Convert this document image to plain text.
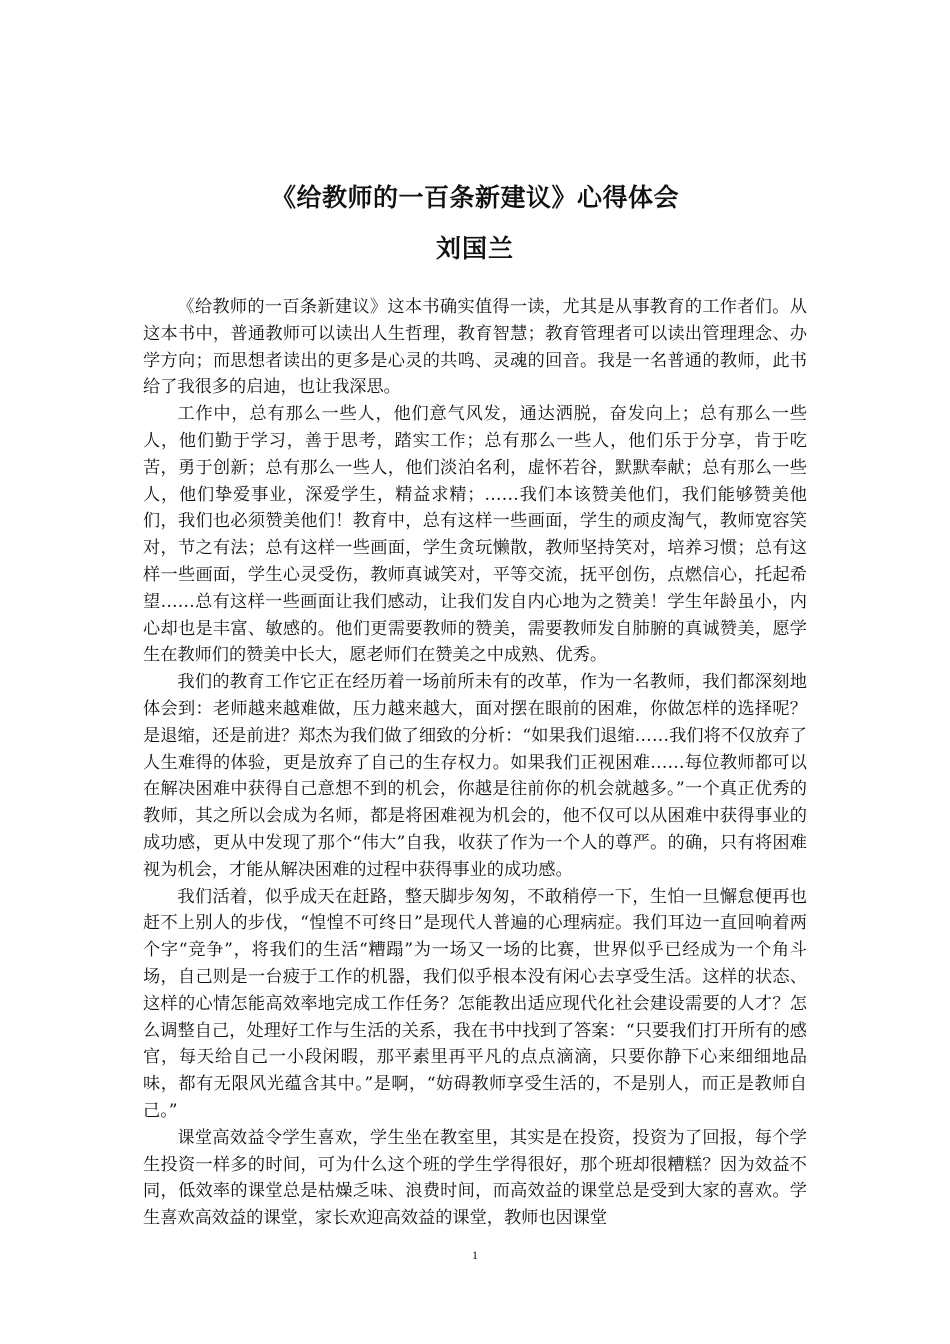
《给教师的一百条新建议》心得体会
刘国兰

《给教师的一百条新建议》这本书确实值得一读，尤其是从事教育的工作者们。从这本书中，普通教师可以读出人生哲理，教育智慧；教育管理者可以读出管理理念、办学方向；而思想者读出的更多是心灵的共鸣、灵魂的回音。我是一名普通的教师，此书给了我很多的启迪，也让我深思。

工作中，总有那么一些人，他们意气风发，通达洒脱，奋发向上；总有那么一些人，他们勤于学习，善于思考，踏实工作；总有那么一些人，他们乐于分享，肯于吃苦，勇于创新；总有那么一些人，他们淡泊名利，虚怀若谷，默默奉献；总有那么一些人，他们挚爱事业，深爱学生，精益求精；……我们本该赞美他们，我们能够赞美他们，我们也必须赞美他们！教育中，总有这样一些画面，学生的顽皮淘气，教师宽容笑对，节之有法；总有这样一些画面，学生贪玩懒散，教师坚持笑对，培养习惯；总有这样一些画面，学生心灵受伤，教师真诚笑对，平等交流，抚平创伤，点燃信心，托起希望……总有这样一些画面让我们感动，让我们发自内心地为之赞美！学生年龄虽小，内心却也是丰富、敏感的。他们更需要教师的赞美，需要教师发自肺腑的真诚赞美，愿学生在教师们的赞美中长大，愿老师们在赞美之中成熟、优秀。

我们的教育工作它正在经历着一场前所未有的改革，作为一名教师，我们都深刻地体会到：老师越来越难做，压力越来越大，面对摆在眼前的困难，你做怎样的选择呢？是退缩，还是前进？郑杰为我们做了细致的分析：“如果我们退缩……我们将不仅放弃了人生难得的体验，更是放弃了自己的生存权力。如果我们正视困难……每位教师都可以在解决困难中获得自己意想不到的机会，你越是往前你的机会就越多。”一个真正优秀的教师，其之所以会成为名师，都是将困难视为机会的，他不仅可以从困难中获得事业的成功感，更从中发现了那个“伟大”自我，收获了作为一个人的尊严。的确，只有将困难视为机会，才能从解决困难的过程中获得事业的成功感。

我们活着，似乎成天在赶路，整天脚步匆匆，不敢稍停一下，生怕一旦懈怠便再也赶不上别人的步伐，“惶惶不可终日”是现代人普遍的心理病症。我们耳边一直回响着两个字“竞争”，将我们的生活“糟蹋”为一场又一场的比赛，世界似乎已经成为一个角斗场，自己则是一台疲于工作的机器，我们似乎根本没有闲心去享受生活。这样的状态、这样的心情怎能高效率地完成工作任务？怎能教出适应现代化社会建设需要的人才？怎么调整自己，处理好工作与生活的关系，我在书中找到了答案：“只要我们打开所有的感官，每天给自己一小段闲暇，那平素里再平凡的点点滴滴，只要你静下心来细细地品味，都有无限风光蕴含其中。”是啊，“妨碍教师享受生活的，不是别人，而正是教师自己。”

课堂高效益令学生喜欢，学生坐在教室里，其实是在投资，投资为了回报，每个学生投资一样多的时间，可为什么这个班的学生学得很好，那个班却很糟糕？因为效益不同，低效率的课堂总是枯燥乏味、浪费时间，而高效益的课堂总是受到大家的喜欢。学生喜欢高效益的课堂，家长欢迎高效益的课堂，教师也因课堂

1
